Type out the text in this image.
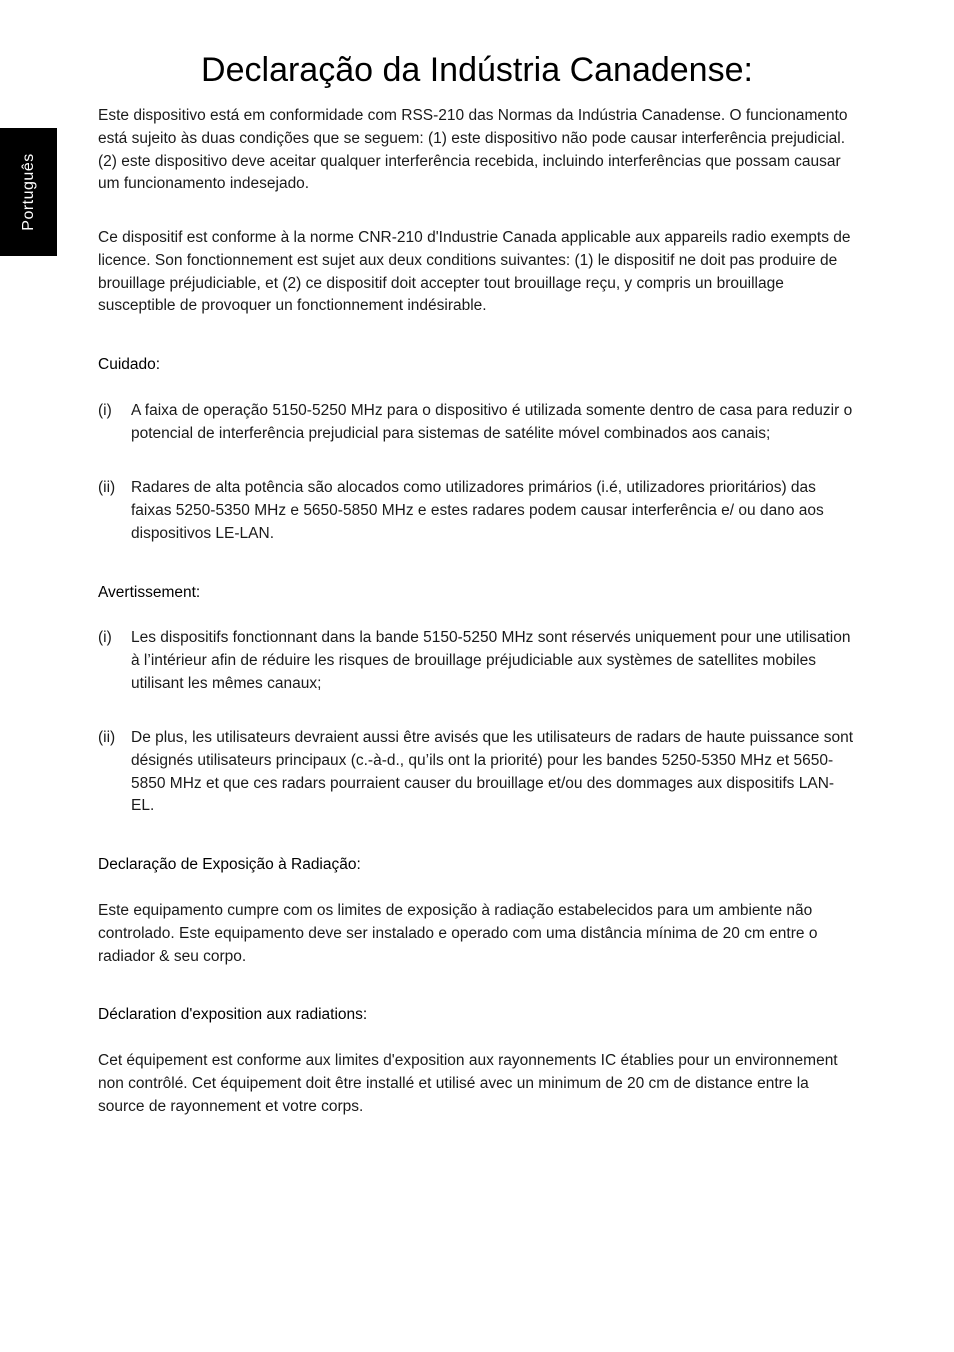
Português
Declaração da Indústria Canadense:

Este dispositivo está em conformidade com RSS-210 das Normas da Indústria Canadense. O funcionamento está sujeito às duas condições que se seguem: (1) este dispositivo não pode causar interferência prejudicial. (2) este dispositivo deve aceitar qualquer interferência recebida, incluindo interferências que possam causar um funcionamento indesejado.

Ce dispositif est conforme à la norme CNR-210 d'Industrie Canada applicable aux appareils radio exempts de licence. Son fonctionnement est sujet aux deux conditions suivantes: (1) le dispositif ne doit pas produire de brouillage préjudiciable, et (2) ce dispositif doit accepter tout brouillage reçu, y compris un brouillage susceptible de provoquer un fonctionnement indésirable.

Cuidado:
(i) A faixa de operação 5150-5250 MHz para o dispositivo é utilizada somente dentro de casa para reduzir o potencial de interferência prejudicial para sistemas de satélite móvel combinados aos canais;
(ii) Radares de alta potência são alocados como utilizadores primários (i.é, utilizadores prioritários) das faixas 5250-5350 MHz e 5650-5850 MHz e estes radares podem causar interferência e/ ou dano aos dispositivos LE-LAN.
Avertissement:
(i) Les dispositifs fonctionnant dans la bande 5150-5250 MHz sont réservés uniquement pour une utilisation à l’intérieur afin de réduire les risques de brouillage préjudiciable aux systèmes de satellites mobiles utilisant les mêmes canaux;
(ii) De plus, les utilisateurs devraient aussi être avisés que les utilisateurs de radars de haute puissance sont désignés utilisateurs principaux (c.-à-d., qu’ils ont la priorité) pour les bandes 5250-5350 MHz et 5650-5850 MHz et que ces radars pourraient causer du brouillage et/ou des dommages aux dispositifs LAN-EL.
Declaração de Exposição à Radiação:

Este equipamento cumpre com os limites de exposição à radiação estabelecidos para um ambiente não controlado. Este equipamento deve ser instalado e operado com uma distância mínima de 20 cm entre o radiador & seu corpo.

Déclaration d'exposition aux radiations:

Cet équipement est conforme aux limites d'exposition aux rayonnements IC établies pour un environnement non contrôlé. Cet équipement doit être installé et utilisé avec un minimum de 20 cm de distance entre la source de rayonnement et votre corps.
